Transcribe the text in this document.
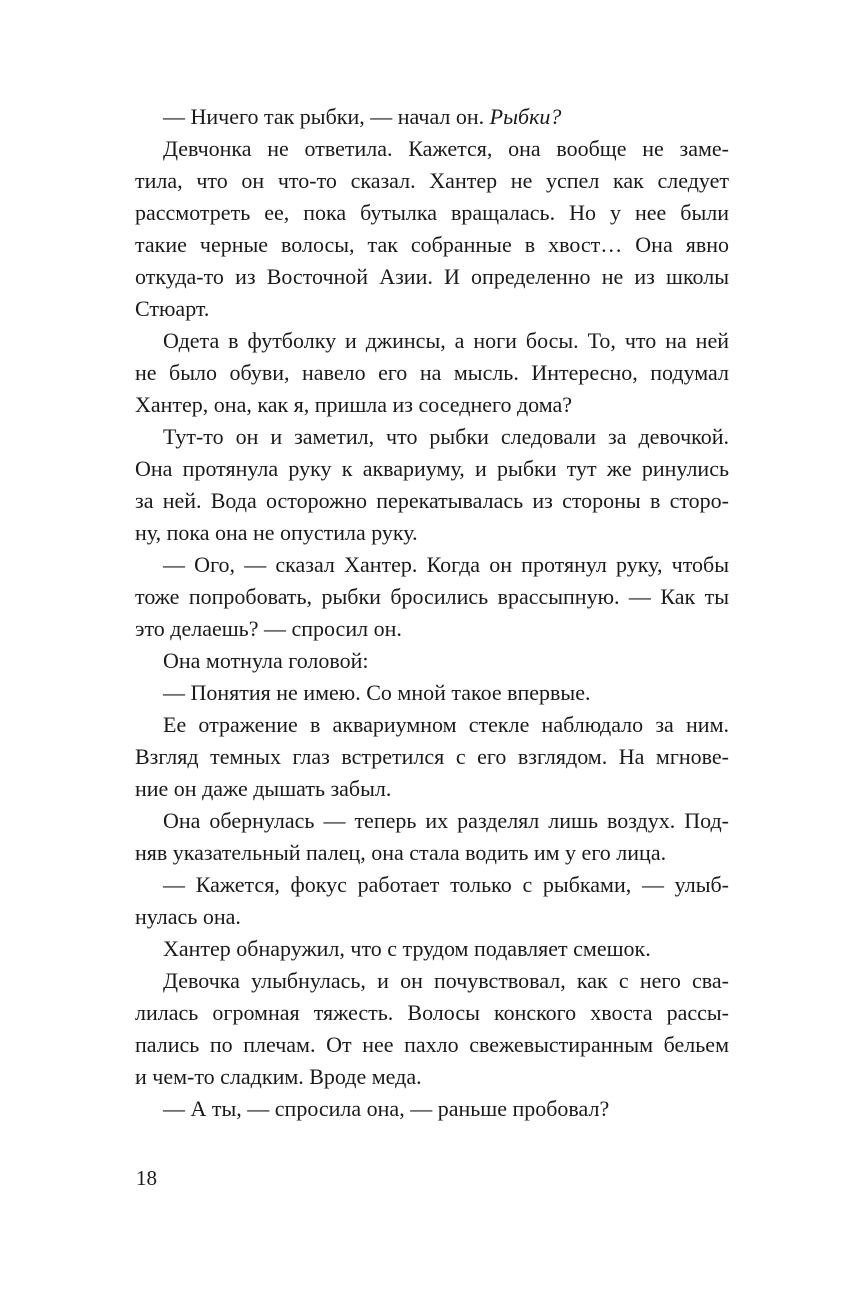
— Ничего так рыбки, — начал он. Рыбки?

Девчонка не ответила. Кажется, она вообще не заме-
тила, что он что-то сказал. Хантер не успел как следует
рассмотреть ее, пока бутылка вращалась. Но у нее были
такие черные волосы, так собранные в хвост… Она явно
откуда-то из Восточной Азии. И определенно не из школы
Стюарт.

Одета в футболку и джинсы, а ноги босы. То, что на ней
не было обуви, навело его на мысль. Интересно, подумал
Хантер, она, как я, пришла из соседнего дома?

Тут-то он и заметил, что рыбки следовали за девочкой.
Она протянула руку к аквариуму, и рыбки тут же ринулись
за ней. Вода осторожно перекатывалась из стороны в сторо-
ну, пока она не опустила руку.

— Ого, — сказал Хантер. Когда он протянул руку, чтобы
тоже попробовать, рыбки бросились врассыпную. — Как ты
это делаешь? — спросил он.

Она мотнула головой:

— Понятия не имею. Со мной такое впервые.

Ее отражение в аквариумном стекле наблюдало за ним.
Взгляд темных глаз встретился с его взглядом. На мгнове-
ние он даже дышать забыл.

Она обернулась — теперь их разделял лишь воздух. Под-
няв указательный палец, она стала водить им у его лица.

— Кажется, фокус работает только с рыбками, — улыб-
нулась она.

Хантер обнаружил, что с трудом подавляет смешок.

Девочка улыбнулась, и он почувствовал, как с него сва-
лилась огромная тяжесть. Волосы конского хвоста рассы-
пались по плечам. От нее пахло свежевыстиранным бельем
и чем-то сладким. Вроде меда.

— А ты, — спросила она, — раньше пробовал?

18
